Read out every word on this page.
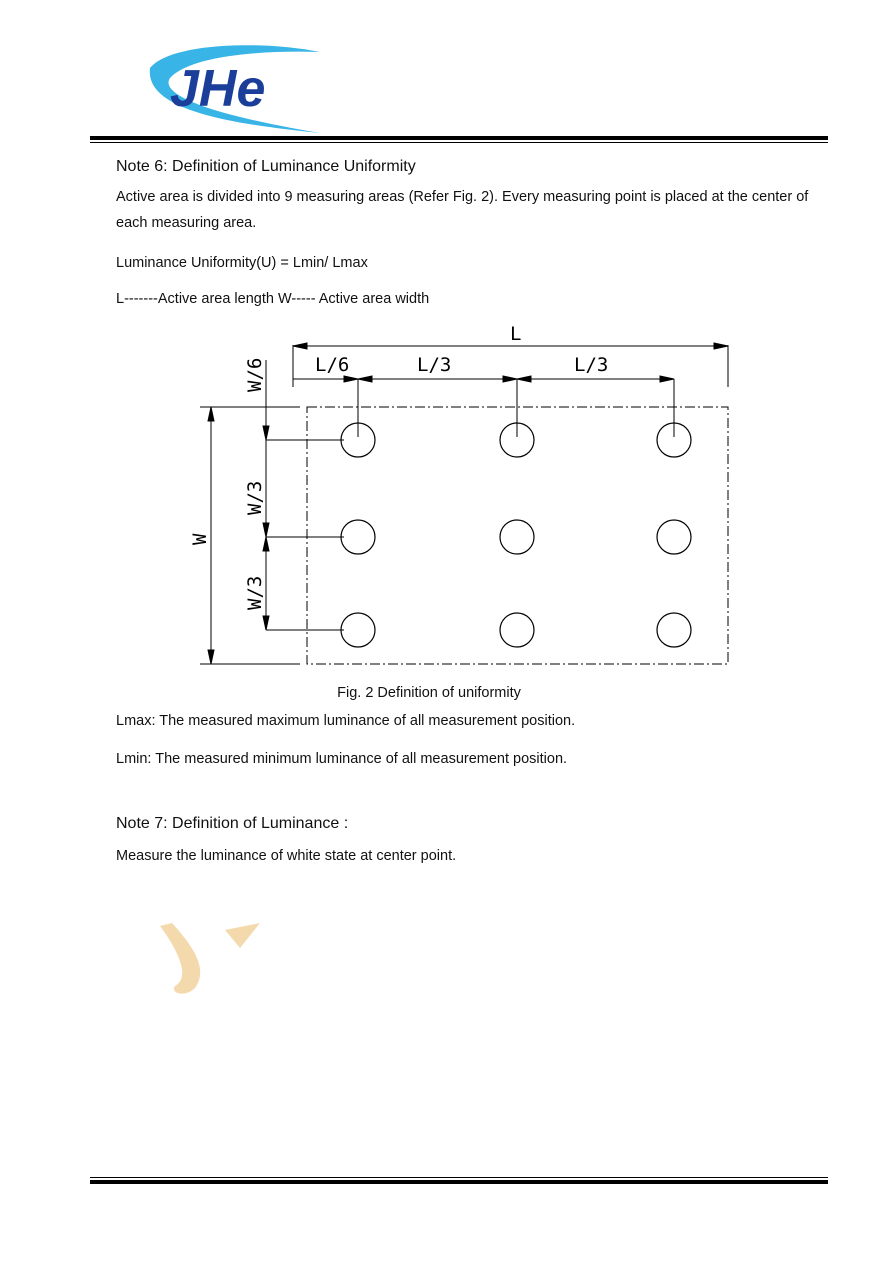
JHe
Note 6: Definition of Luminance Uniformity
Active area is divided into 9 measuring areas (Refer Fig. 2). Every measuring point is placed at the center of each measuring area.
Luminance Uniformity(U) = Lmin/ Lmax
L-------Active area length W----- Active area width
L
L/6	L/3	L/3
W
W/6
W/3
W/3
Fig. 2 Definition of uniformity
Lmax: The measured maximum luminance of all measurement position.
Lmin: The measured minimum luminance of all measurement position.
Note 7: Definition of Luminance :
Measure the luminance of white state at center point.
